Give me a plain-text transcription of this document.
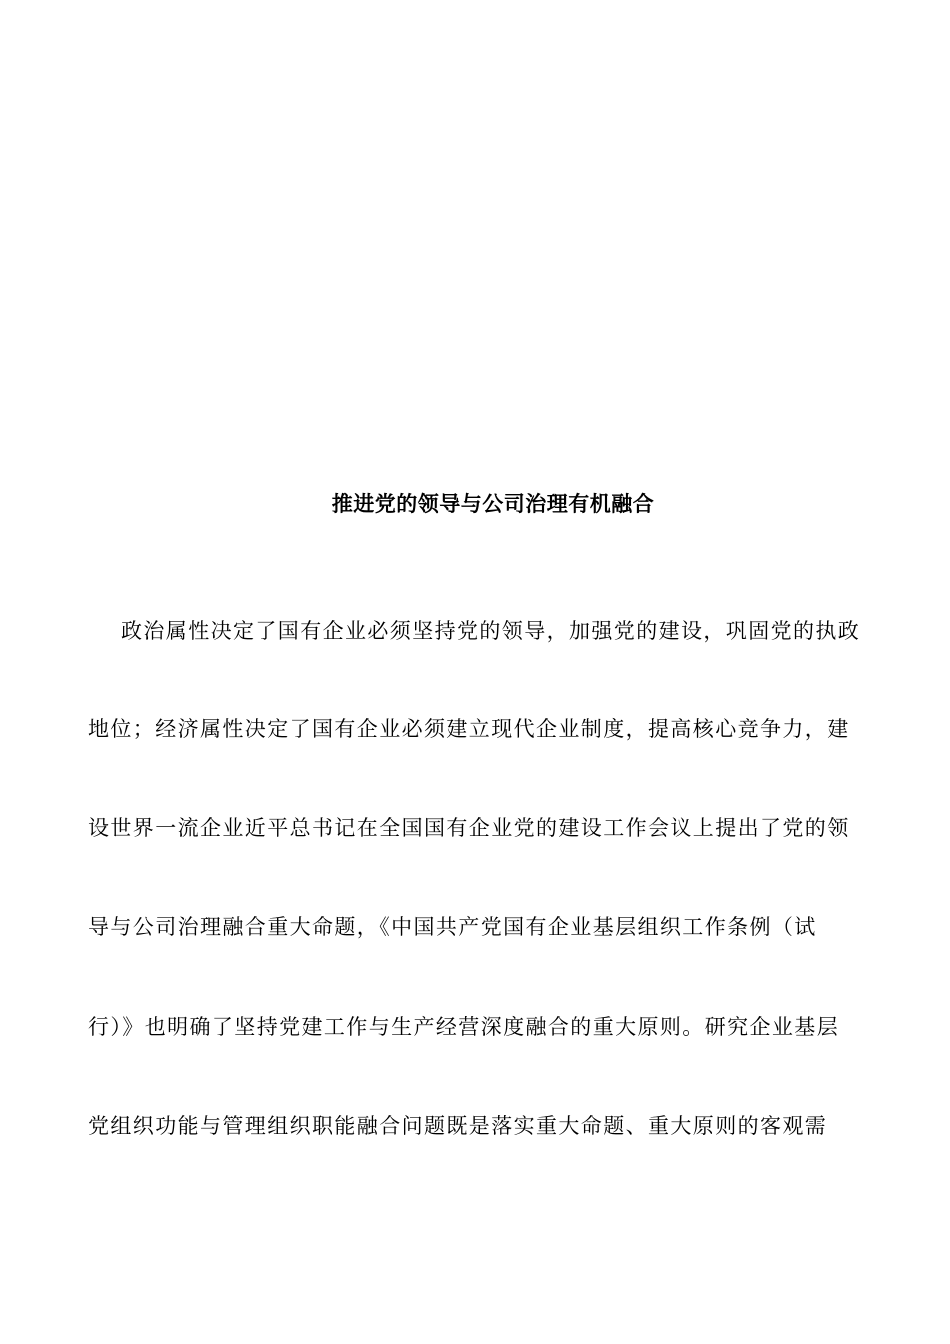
推进党的领导与公司治理有机融合
政治属性决定了国有企业必须坚持党的领导，加强党的建设，巩固党的执政
地位；经济属性决定了国有企业必须建立现代企业制度，提高核心竞争力，建
设世界一流企业近平总书记在全国国有企业党的建设工作会议上提出了党的领
导与公司治理融合重大命题，《中国共产党国有企业基层组织工作条例（试
行）》也明确了坚持党建工作与生产经营深度融合的重大原则。研究企业基层
党组织功能与管理组织职能融合问题既是落实重大命题、重大原则的客观需
